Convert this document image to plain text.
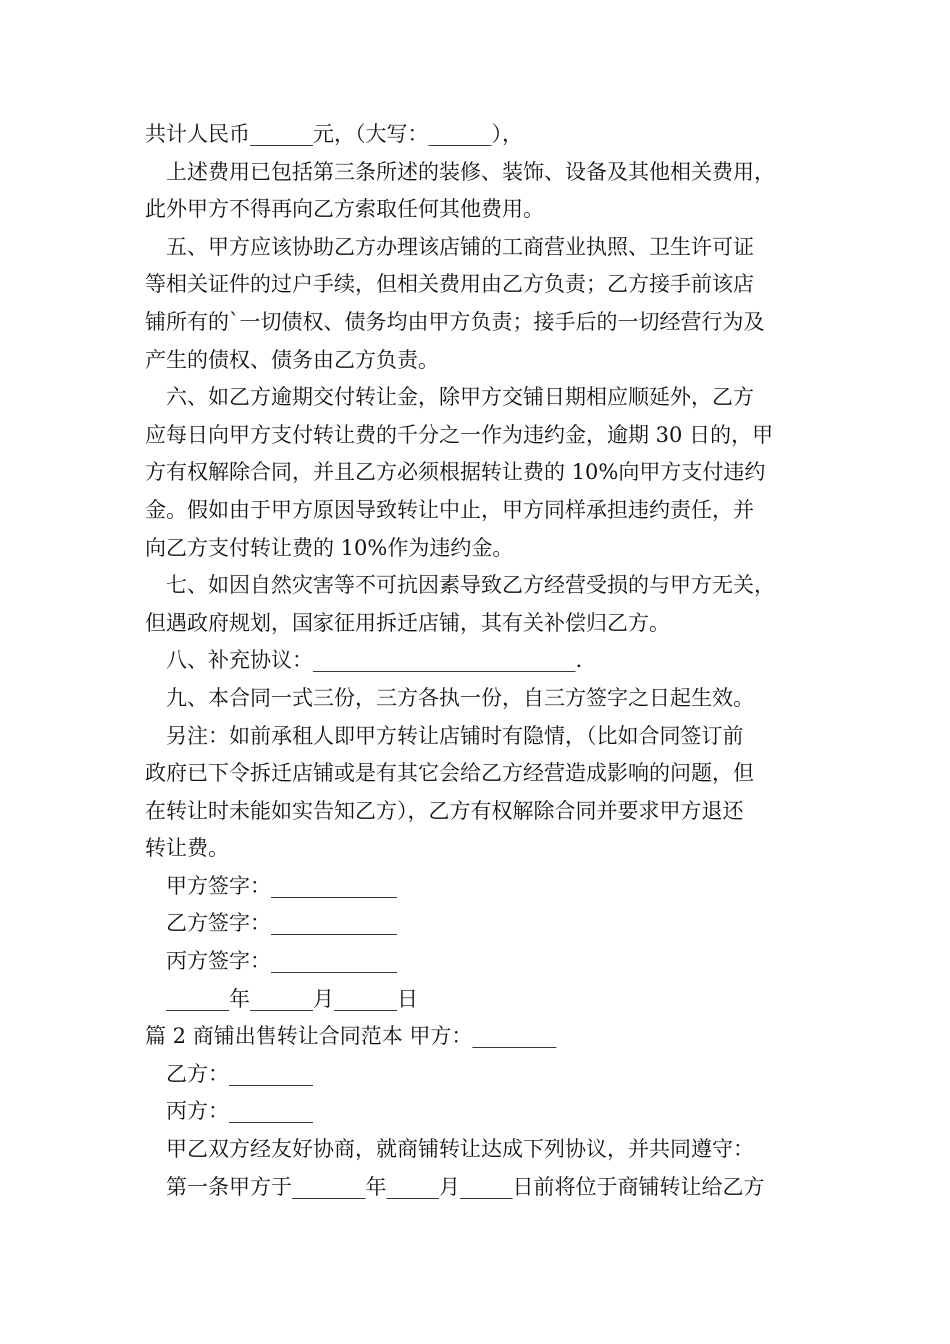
共计人民币______元，（大写：______），
上述费用已包括第三条所述的装修、装饰、设备及其他相关费用，
此外甲方不得再向乙方索取任何其他费用。
五、甲方应该协助乙方办理该店铺的工商营业执照、卫生许可证
等相关证件的过户手续，但相关费用由乙方负责；乙方接手前该店
铺所有的`一切债权、债务均由甲方负责；接手后的一切经营行为及
产生的债权、债务由乙方负责。
六、如乙方逾期交付转让金，除甲方交铺日期相应顺延外，乙方
应每日向甲方支付转让费的千分之一作为违约金，逾期 30 日的，甲
方有权解除合同，并且乙方必须根据转让费的 10%向甲方支付违约
金。假如由于甲方原因导致转让中止，甲方同样承担违约责任，并
向乙方支付转让费的 10%作为违约金。
七、如因自然灾害等不可抗因素导致乙方经营受损的与甲方无关，
但遇政府规划，国家征用拆迁店铺，其有关补偿归乙方。
八、补充协议：_________________________.
九、本合同一式三份，三方各执一份，自三方签字之日起生效。
另注：如前承租人即甲方转让店铺时有隐情，（比如合同签订前
政府已下令拆迁店铺或是有其它会给乙方经营造成影响的问题，但
在转让时未能如实告知乙方），乙方有权解除合同并要求甲方退还
转让费。
甲方签字：____________
乙方签字：____________
丙方签字：____________
______年______月______日
篇 2 商铺出售转让合同范本 甲方：________
乙方：________
丙方：________
甲乙双方经友好协商，就商铺转让达成下列协议，并共同遵守：
第一条甲方于_______年_____月_____日前将位于商铺转让给乙方
